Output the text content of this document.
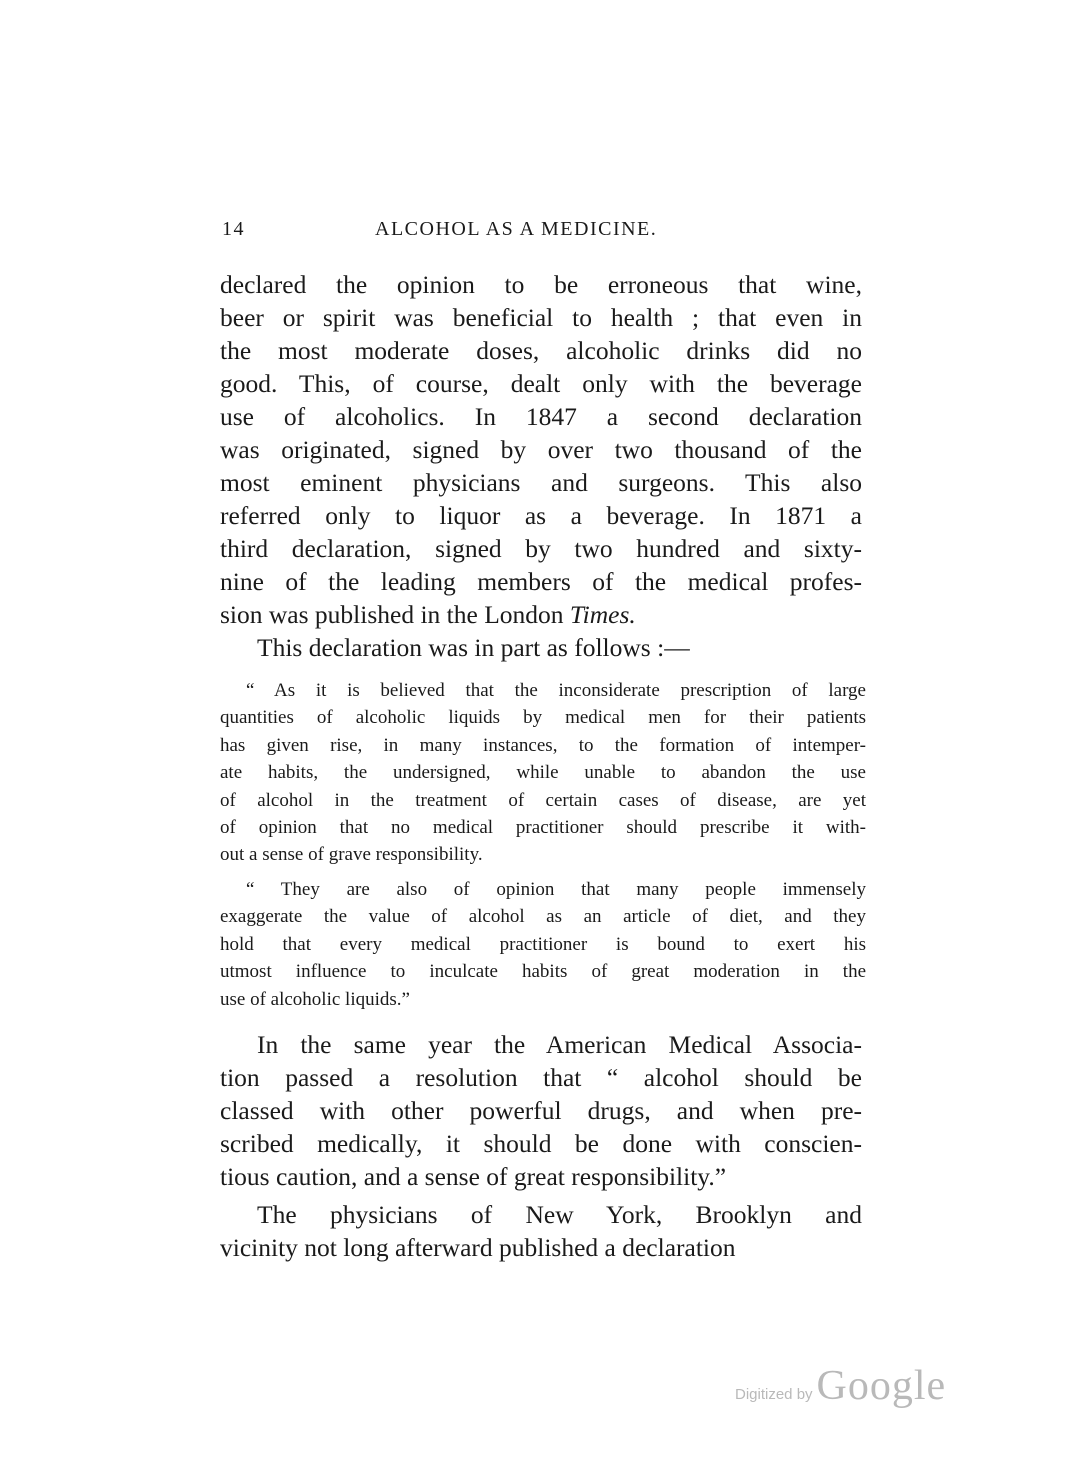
14	ALCOHOL AS A MEDICINE.
declared the opinion to be erroneous that wine,
beer or spirit was beneficial to health ; that even in
the most moderate doses, alcoholic drinks did no
good. This, of course, dealt only with the beverage
use of alcoholics. In 1847 a second declaration
was originated, signed by over two thousand of the
most eminent physicians and surgeons. This also
referred only to liquor as a beverage. In 1871 a
third declaration, signed by two hundred and sixty-
nine of the leading members of the medical profes-
sion was published in the London Times.
This declaration was in part as follows :—
“ As it is believed that the inconsiderate prescription of large
quantities of alcoholic liquids by medical men for their patients
has given rise, in many instances, to the formation of intemper-
ate habits, the undersigned, while unable to abandon the use
of alcohol in the treatment of certain cases of disease, are yet
of opinion that no medical practitioner should prescribe it with-
out a sense of grave responsibility.
“ They are also of opinion that many people immensely
exaggerate the value of alcohol as an article of diet, and they
hold that every medical practitioner is bound to exert his
utmost influence to inculcate habits of great moderation in the
use of alcoholic liquids.”
In the same year the American Medical Associa-
tion passed a resolution that “ alcohol should be
classed with other powerful drugs, and when pre-
scribed medically, it should be done with conscien-
tious caution, and a sense of great responsibility.”
The physicians of New York, Brooklyn and
vicinity not long afterward published a declaration
Digitized by Google
